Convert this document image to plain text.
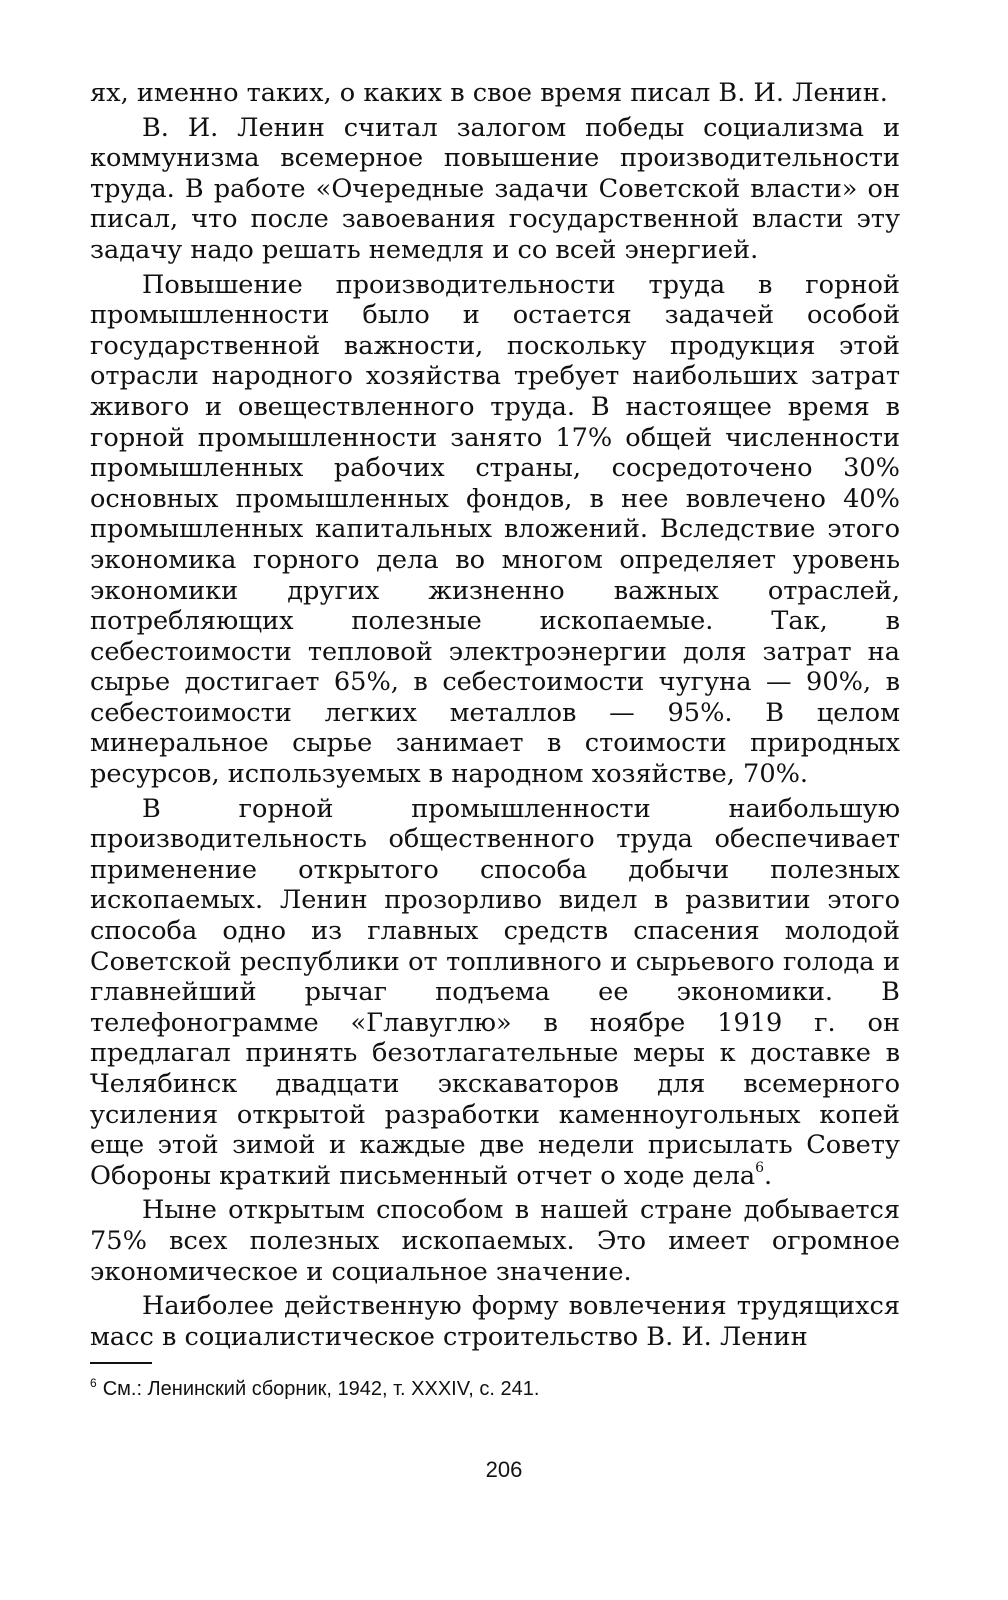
ях, именно таких, о каких в свое время писал В. И. Ленин.

В. И. Ленин считал залогом победы социализма и коммунизма всемерное повышение производительности труда. В работе «Очередные задачи Советской власти» он писал, что после завоевания государственной власти эту задачу надо решать немедля и со всей энергией.

Повышение производительности труда в горной промышленности было и остается задачей особой государственной важности, поскольку продукция этой отрасли народного хозяйства требует наибольших затрат живого и овеществленного труда. В настоящее время в горной промышленности занято 17% общей численности промышленных рабочих страны, сосредоточено 30% основных промышленных фондов, в нее вовлечено 40% промышленных капитальных вложений. Вследствие этого экономика горного дела во многом определяет уровень экономики других жизненно важных отраслей, потребляющих полезные ископаемые. Так, в себестоимости тепловой электроэнергии доля затрат на сырье достигает 65%, в себестоимости чугуна — 90%, в себестоимости легких металлов — 95%. В целом минеральное сырье занимает в стоимости природных ресурсов, используемых в народном хозяйстве, 70%.

В горной промышленности наибольшую производительность общественного труда обеспечивает применение открытого способа добычи полезных ископаемых. Ленин прозорливо видел в развитии этого способа одно из главных средств спасения молодой Советской республики от топливного и сырьевого голода и главнейший рычаг подъема ее экономики. В телефонограмме «Главуглю» в ноябре 1919 г. он предлагал принять безотлагательные меры к доставке в Челябинск двадцати экскаваторов для всемерного усиления открытой разработки каменноугольных копей еще этой зимой и каждые две недели присылать Совету Обороны краткий письменный отчет о ходе дела$^6$.

Ныне открытым способом в нашей стране добывается 75% всех полезных ископаемых. Это имеет огромное экономическое и социальное значение.

Наиболее действенную форму вовлечения трудящихся масс в социалистическое строительство В. И. Ленин

$^6$ См.: Ленинский сборник, 1942, т. XXXIV, с. 241.

206
